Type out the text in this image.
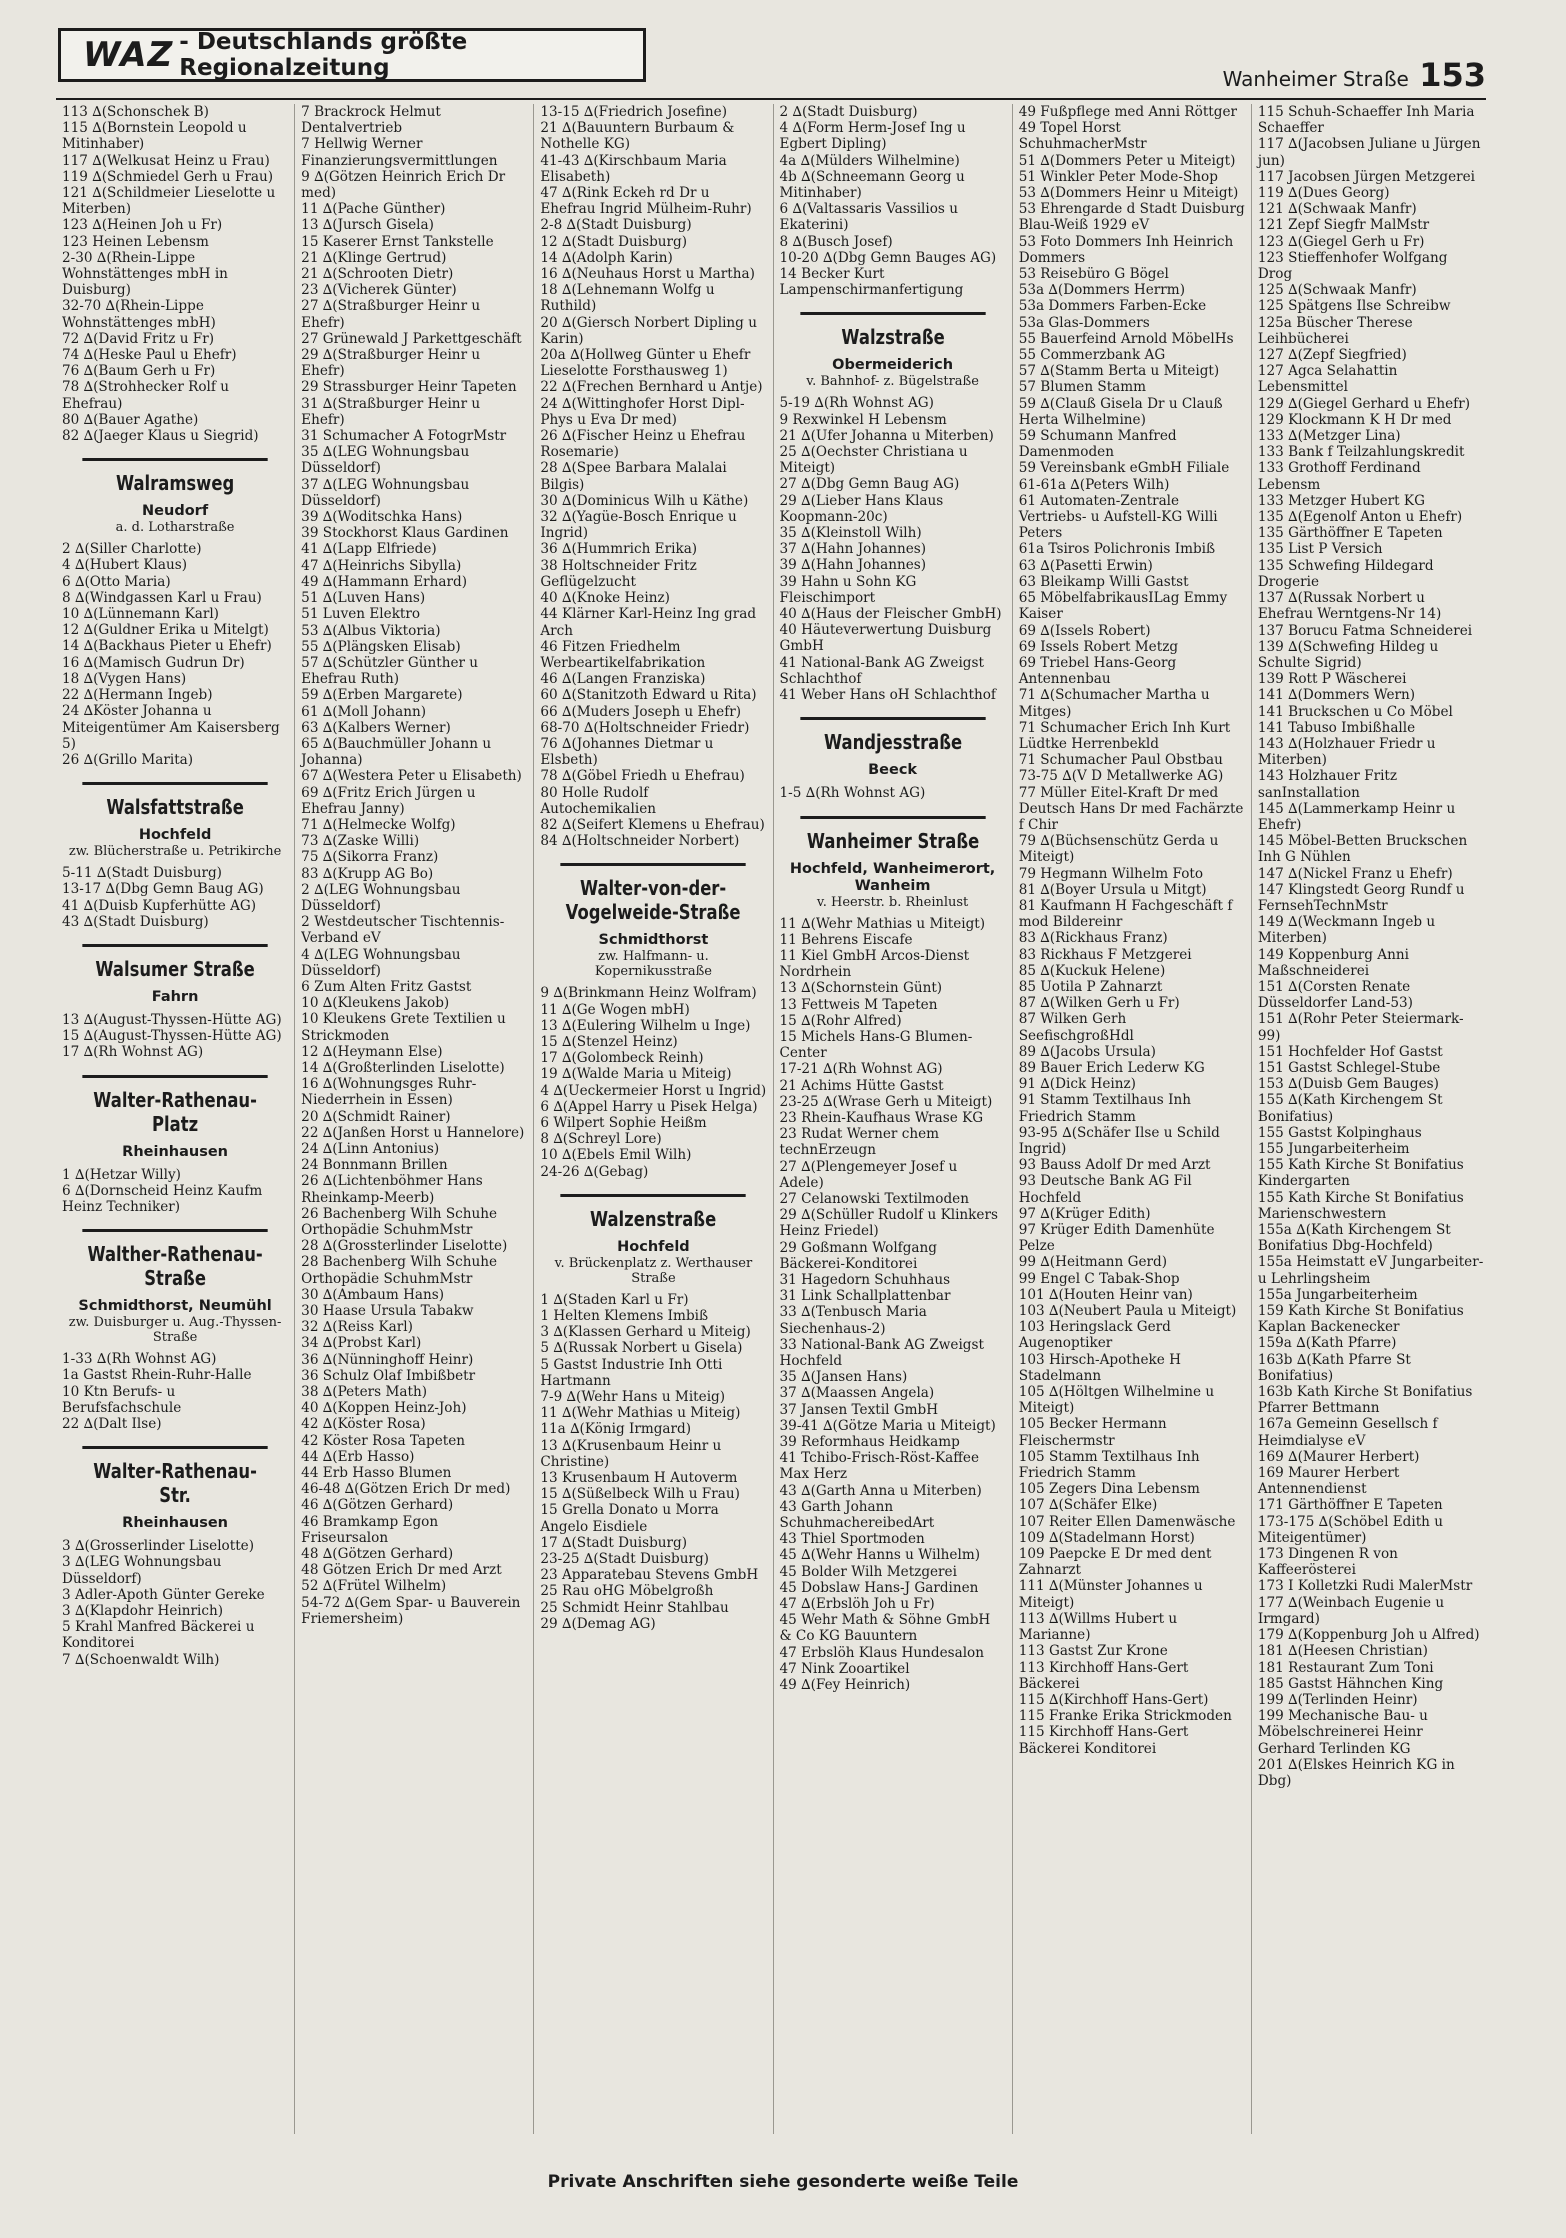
WAZ - Deutschlands größte Regionalzeitung	Wanheimer Straße 153

113 ∆(Schonschek B)

115 ∆(Bornstein Leopold u Mitinhaber)

117 ∆(Welkusat Heinz u Frau)

119 ∆(Schmiedel Gerh u Frau)

121 ∆(Schildmeier Lieselotte u Miterben)

123 ∆(Heinen Joh u Fr)

123 Heinen Lebensm

2-30 ∆(Rhein-Lippe Wohnstättenges mbH in Duisburg)

32-70 ∆(Rhein-Lippe Wohnstättenges mbH)

72 ∆(David Fritz u Fr)

74 ∆(Heske Paul u Ehefr)

76 ∆(Baum Gerh u Fr)

78 ∆(Strohhecker Rolf u Ehefrau)

80 ∆(Bauer Agathe)

82 ∆(Jaeger Klaus u Siegrid)

Walramsweg
Neudorf
a. d. Lotharstraße

2 ∆(Siller Charlotte)

4 ∆(Hubert Klaus)

6 ∆(Otto Maria)

8 ∆(Windgassen Karl u Frau)

10 ∆(Lünnemann Karl)

12 ∆(Guldner Erika u Mitelgt)

14 ∆(Backhaus Pieter u Ehefr)

16 ∆(Mamisch Gudrun Dr)

18 ∆(Vygen Hans)

22 ∆(Hermann Ingeb)

24 ∆Köster Johanna u Miteigentümer Am Kaisersberg 5)

26 ∆(Grillo Marita)

Walsfattstraße
Hochfeld
zw. Blücherstraße u. Petrikirche

5-11 ∆(Stadt Duisburg)

13-17 ∆(Dbg Gemn Baug AG)

41 ∆(Duisb Kupferhütte AG)

43 ∆(Stadt Duisburg)

Walsumer Straße
Fahrn

13 ∆(August-Thyssen-Hütte AG)

15 ∆(August-Thyssen-Hütte AG)

17 ∆(Rh Wohnst AG)

Walter-Rathenau-Platz
Rheinhausen

1 ∆(Hetzar Willy)

6 ∆(Dornscheid Heinz Kaufm Heinz Techniker)

Walther-Rathenau-Straße
Schmidthorst, Neumühl
zw. Duisburger u. Aug.-Thyssen-Straße

1-33 ∆(Rh Wohnst AG)

1a Gastst Rhein-Ruhr-Halle

10 Ktn Berufs- u Berufsfachschule

22 ∆(Dalt Ilse)

Walter-Rathenau-Str.
Rheinhausen

3 ∆(Grosserlinder Liselotte)

3 ∆(LEG Wohnungsbau Düsseldorf)

3 Adler-Apoth Günter Gereke

3 ∆(Klapdohr Heinrich)

5 Krahl Manfred Bäckerei u Konditorei

7 ∆(Schoenwaldt Wilh)

7 Brackrock Helmut Dentalvertrieb

7 Hellwig Werner Finanzierungsvermittlungen

9 ∆(Götzen Heinrich Erich Dr med)

11 ∆(Pache Günther)

13 ∆(Jursch Gisela)

15 Kaserer Ernst Tankstelle

21 ∆(Klinge Gertrud)

21 ∆(Schrooten Dietr)

23 ∆(Vicherek Günter)

27 ∆(Straßburger Heinr u Ehefr)

27 Grünewald J Parkettgeschäft

29 ∆(Straßburger Heinr u Ehefr)

29 Strassburger Heinr Tapeten

31 ∆(Straßburger Heinr u Ehefr)

31 Schumacher A FotogrMstr

35 ∆(LEG Wohnungsbau Düsseldorf)

37 ∆(LEG Wohnungsbau Düsseldorf)

39 ∆(Woditschka Hans)

39 Stockhorst Klaus Gardinen

41 ∆(Lapp Elfriede)

47 ∆(Heinrichs Sibylla)

49 ∆(Hammann Erhard)

51 ∆(Luven Hans)

51 Luven Elektro

53 ∆(Albus Viktoria)

55 ∆(Plängsken Elisab)

57 ∆(Schützler Günther u Ehefrau Ruth)

59 ∆(Erben Margarete)

61 ∆(Moll Johann)

63 ∆(Kalbers Werner)

65 ∆(Bauchmüller Johann u Johanna)

67 ∆(Westera Peter u Elisabeth)

69 ∆(Fritz Erich Jürgen u Ehefrau Janny)

71 ∆(Helmecke Wolfg)

73 ∆(Zaske Willi)

75 ∆(Sikorra Franz)

83 ∆(Krupp AG Bo)

2 ∆(LEG Wohnungsbau Düsseldorf)

2 Westdeutscher Tischtennis-Verband eV

4 ∆(LEG Wohnungsbau Düsseldorf)

6 Zum Alten Fritz Gastst

10 ∆(Kleukens Jakob)

10 Kleukens Grete Textilien u Strickmoden

12 ∆(Heymann Else)

14 ∆(Großterlinden Liselotte)

16 ∆(Wohnungsges Ruhr-Niederrhein in Essen)

20 ∆(Schmidt Rainer)

22 ∆(Janßen Horst u Hannelore)

24 ∆(Linn Antonius)

24 Bonnmann Brillen

26 ∆(Lichtenböhmer Hans Rheinkamp-Meerb)

26 Bachenberg Wilh Schuhe Orthopädie SchuhmMstr

28 ∆(Grossterlinder Liselotte)

28 Bachenberg Wilh Schuhe Orthopädie SchuhmMstr

30 ∆(Ambaum Hans)

30 Haase Ursula Tabakw

32 ∆(Reiss Karl)

34 ∆(Probst Karl)

36 ∆(Nünninghoff Heinr)

36 Schulz Olaf Imbißbetr

38 ∆(Peters Math)

40 ∆(Koppen Heinz-Joh)

42 ∆(Köster Rosa)

42 Köster Rosa Tapeten

44 ∆(Erb Hasso)

44 Erb Hasso Blumen

46-48 ∆(Götzen Erich Dr med)

46 ∆(Götzen Gerhard)

46 Bramkamp Egon Friseursalon

48 ∆(Götzen Gerhard)

48 Götzen Erich Dr med Arzt

52 ∆(Frütel Wilhelm)

54-72 ∆(Gem Spar- u Bauverein Friemersheim)

13-15 ∆(Friedrich Josefine)

21 ∆(Bauuntern Burbaum & Nothelle KG)

41-43 ∆(Kirschbaum Maria Elisabeth)

47 ∆(Rink Eckeh rd Dr u Ehefrau Ingrid Mülheim-Ruhr)

2-8 ∆(Stadt Duisburg)

12 ∆(Stadt Duisburg)

14 ∆(Adolph Karin)

16 ∆(Neuhaus Horst u Martha)

18 ∆(Lehnemann Wolfg u Ruthild)

20 ∆(Giersch Norbert Dipling u Karin)

20a ∆(Hollweg Günter u Ehefr Lieselotte Forsthausweg 1)

22 ∆(Frechen Bernhard u Antje)

24 ∆(Wittinghofer Horst Dipl-Phys u Eva Dr med)

26 ∆(Fischer Heinz u Ehefrau Rosemarie)

28 ∆(Spee Barbara Malalai Bilgis)

30 ∆(Dominicus Wilh u Käthe)

32 ∆(Yagüe-Bosch Enrique u Ingrid)

36 ∆(Hummrich Erika)

38 Holtschneider Fritz Geflügelzucht

40 ∆(Knoke Heinz)

44 Klärner Karl-Heinz Ing grad Arch

46 Fitzen Friedhelm Werbeartikelfabrikation

46 ∆(Langen Franziska)

60 ∆(Stanitzoth Edward u Rita)

66 ∆(Muders Joseph u Ehefr)

68-70 ∆(Holtschneider Friedr)

76 ∆(Johannes Dietmar u Elsbeth)

78 ∆(Göbel Friedh u Ehefrau)

80 Holle Rudolf Autochemikalien

82 ∆(Seifert Klemens u Ehefrau)

84 ∆(Holtschneider Norbert)

Walter-von-der-Vogelweide-Straße
Schmidthorst
zw. Halfmann- u. Kopernikusstraße

9 ∆(Brinkmann Heinz Wolfram)

11 ∆(Ge Wogen mbH)

13 ∆(Eulering Wilhelm u Inge)

15 ∆(Stenzel Heinz)

17 ∆(Golombeck Reinh)

19 ∆(Walde Maria u Miteig)

4 ∆(Ueckermeier Horst u Ingrid)

6 ∆(Appel Harry u Pisek Helga)

6 Wilpert Sophie Heißm

8 ∆(Schreyl Lore)

10 ∆(Ebels Emil Wilh)

24-26 ∆(Gebag)

Walzenstraße
Hochfeld
v. Brückenplatz z. Werthauser Straße

1 ∆(Staden Karl u Fr)

1 Helten Klemens Imbiß

3 ∆(Klassen Gerhard u Miteig)

5 ∆(Russak Norbert u Gisela)

5 Gastst Industrie Inh Otti Hartmann

7-9 ∆(Wehr Hans u Miteig)

11 ∆(Wehr Mathias u Miteig)

11a ∆(König Irmgard)

13 ∆(Krusenbaum Heinr u Christine)

13 Krusenbaum H Autoverm

15 ∆(Süßelbeck Wilh u Frau)

15 Grella Donato u Morra Angelo Eisdiele

17 ∆(Stadt Duisburg)

23-25 ∆(Stadt Duisburg)

23 Apparatebau Stevens GmbH

25 Rau oHG Möbelgroßh

25 Schmidt Heinr Stahlbau

29 ∆(Demag AG)

2 ∆(Stadt Duisburg)

4 ∆(Form Herm-Josef Ing u Egbert Dipling)

4a ∆(Mülders Wilhelmine)

4b ∆(Schneemann Georg u Mitinhaber)

6 ∆(Valtassaris Vassilios u Ekaterini)

8 ∆(Busch Josef)

10-20 ∆(Dbg Gemn Bauges AG)

14 Becker Kurt Lampenschirmanfertigung

Walzstraße
Obermeiderich
v. Bahnhof- z. Bügelstraße

5-19 ∆(Rh Wohnst AG)

9 Rexwinkel H Lebensm

21 ∆(Ufer Johanna u Miterben)

25 ∆(Oechster Christiana u Miteigt)

27 ∆(Dbg Gemn Baug AG)

29 ∆(Lieber Hans Klaus Koopmann-20c)

35 ∆(Kleinstoll Wilh)

37 ∆(Hahn Johannes)

39 ∆(Hahn Johannes)

39 Hahn u Sohn KG Fleischimport

40 ∆(Haus der Fleischer GmbH)

40 Häuteverwertung Duisburg GmbH

41 National-Bank AG Zweigst Schlachthof

41 Weber Hans oH Schlachthof

Wandjesstraße
Beeck

1-5 ∆(Rh Wohnst AG)

Wanheimer Straße
Hochfeld, Wanheimerort, Wanheim
v. Heerstr. b. Rheinlust

11 ∆(Wehr Mathias u Miteigt)

11 Behrens Eiscafe

11 Kiel GmbH Arcos-Dienst Nordrhein

13 ∆(Schornstein Günt)

13 Fettweis M Tapeten

15 ∆(Rohr Alfred)

15 Michels Hans-G Blumen-Center

17-21 ∆(Rh Wohnst AG)

21 Achims Hütte Gastst

23-25 ∆(Wrase Gerh u Miteigt)

23 Rhein-Kaufhaus Wrase KG

23 Rudat Werner chem technErzeugn

27 ∆(Plengemeyer Josef u Adele)

27 Celanowski Textilmoden

29 ∆(Schüller Rudolf u Klinkers Heinz Friedel)

29 Goßmann Wolfgang Bäckerei-Konditorei

31 Hagedorn Schuhhaus

31 Link Schallplattenbar

33 ∆(Tenbusch Maria Siechenhaus-2)

33 National-Bank AG Zweigst Hochfeld

35 ∆(Jansen Hans)

37 ∆(Maassen Angela)

37 Jansen Textil GmbH

39-41 ∆(Götze Maria u Miteigt)

39 Reformhaus Heidkamp

41 Tchibo-Frisch-Röst-Kaffee Max Herz

43 ∆(Garth Anna u Miterben)

43 Garth Johann SchuhmachereibedArt

43 Thiel Sportmoden

45 ∆(Wehr Hanns u Wilhelm)

45 Bolder Wilh Metzgerei

45 Dobslaw Hans-J Gardinen

47 ∆(Erbslöh Joh u Fr)

45 Wehr Math & Söhne GmbH & Co KG Bauuntern

47 Erbslöh Klaus Hundesalon

47 Nink Zooartikel

49 ∆(Fey Heinrich)

49 Fußpflege med Anni Röttger

49 Topel Horst SchuhmacherMstr

51 ∆(Dommers Peter u Miteigt)

51 Winkler Peter Mode-Shop

53 ∆(Dommers Heinr u Miteigt)

53 Ehrengarde d Stadt Duisburg Blau-Weiß 1929 eV

53 Foto Dommers Inh Heinrich Dommers

53 Reisebüro G Bögel

53a ∆(Dommers Herrm)

53a Dommers Farben-Ecke

53a Glas-Dommers

55 Bauerfeind Arnold MöbelHs

55 Commerzbank AG

57 ∆(Stamm Berta u Miteigt)

57 Blumen Stamm

59 ∆(Clauß Gisela Dr u Clauß Herta Wilhelmine)

59 Schumann Manfred Damenmoden

59 Vereinsbank eGmbH Filiale

61-61a ∆(Peters Wilh)

61 Automaten-Zentrale Vertriebs- u Aufstell-KG Willi Peters

61a Tsiros Polichronis Imbiß

63 ∆(Pasetti Erwin)

63 Bleikamp Willi Gastst

65 MöbelfabrikausILag Emmy Kaiser

69 ∆(Issels Robert)

69 Issels Robert Metzg

69 Triebel Hans-Georg Antennenbau

71 ∆(Schumacher Martha u Mitges)

71 Schumacher Erich Inh Kurt Lüdtke Herrenbekld

71 Schumacher Paul Obstbau

73-75 ∆(V D Metallwerke AG)

77 Müller Eitel-Kraft Dr med Deutsch Hans Dr med Fachärzte f Chir

79 ∆(Büchsenschütz Gerda u Miteigt)

79 Hegmann Wilhelm Foto

81 ∆(Boyer Ursula u Mitgt)

81 Kaufmann H Fachgeschäft f mod Bildereinr

83 ∆(Rickhaus Franz)

83 Rickhaus F Metzgerei

85 ∆(Kuckuk Helene)

85 Uotila P Zahnarzt

87 ∆(Wilken Gerh u Fr)

87 Wilken Gerh SeefischgroßHdl

89 ∆(Jacobs Ursula)

89 Bauer Erich Lederw KG

91 ∆(Dick Heinz)

91 Stamm Textilhaus Inh Friedrich Stamm

93-95 ∆(Schäfer Ilse u Schild Ingrid)

93 Bauss Adolf Dr med Arzt

93 Deutsche Bank AG Fil Hochfeld

97 ∆(Krüger Edith)

97 Krüger Edith Damenhüte Pelze

99 ∆(Heitmann Gerd)

99 Engel C Tabak-Shop

101 ∆(Houten Heinr van)

103 ∆(Neubert Paula u Miteigt)

103 Heringslack Gerd Augenoptiker

103 Hirsch-Apotheke H Stadelmann

105 ∆(Höltgen Wilhelmine u Miteigt)

105 Becker Hermann Fleischermstr

105 Stamm Textilhaus Inh Friedrich Stamm

105 Zegers Dina Lebensm

107 ∆(Schäfer Elke)

107 Reiter Ellen Damenwäsche

109 ∆(Stadelmann Horst)

109 Paepcke E Dr med dent Zahnarzt

111 ∆(Münster Johannes u Miteigt)

113 ∆(Willms Hubert u Marianne)

113 Gastst Zur Krone

113 Kirchhoff Hans-Gert Bäckerei

115 ∆(Kirchhoff Hans-Gert)

115 Franke Erika Strickmoden

115 Kirchhoff Hans-Gert Bäckerei Konditorei

115 Schuh-Schaeffer Inh Maria Schaeffer

117 ∆(Jacobsen Juliane u Jürgen jun)

117 Jacobsen Jürgen Metzgerei

119 ∆(Dues Georg)

121 ∆(Schwaak Manfr)

121 Zepf Siegfr MalMstr

123 ∆(Giegel Gerh u Fr)

123 Stieffenhofer Wolfgang Drog

125 ∆(Schwaak Manfr)

125 Spätgens Ilse Schreibw

125a Büscher Therese Leihbücherei

127 ∆(Zepf Siegfried)

127 Agca Selahattin Lebensmittel

129 ∆(Giegel Gerhard u Ehefr)

129 Klockmann K H Dr med

133 ∆(Metzger Lina)

133 Bank f Teilzahlungskredit

133 Grothoff Ferdinand Lebensm

133 Metzger Hubert KG

135 ∆(Egenolf Anton u Ehefr)

135 Gärthöffner E Tapeten

135 List P Versich

135 Schwefing Hildegard Drogerie

137 ∆(Russak Norbert u Ehefrau Werntgens-Nr 14)

137 Borucu Fatma Schneiderei

139 ∆(Schwefing Hildeg u Schulte Sigrid)

139 Rott P Wäscherei

141 ∆(Dommers Wern)

141 Bruckschen u Co Möbel

141 Tabuso Imbißhalle

143 ∆(Holzhauer Friedr u Miterben)

143 Holzhauer Fritz sanInstallation

145 ∆(Lammerkamp Heinr u Ehefr)

145 Möbel-Betten Bruckschen Inh G Nühlen

147 ∆(Nickel Franz u Ehefr)

147 Klingstedt Georg Rundf u FernsehTechnMstr

149 ∆(Weckmann Ingeb u Miterben)

149 Koppenburg Anni Maßschneiderei

151 ∆(Corsten Renate Düsseldorfer Land-53)

151 ∆(Rohr Peter Steiermark-99)

151 Hochfelder Hof Gastst

151 Gastst Schlegel-Stube

153 ∆(Duisb Gem Bauges)

155 ∆(Kath Kirchengem St Bonifatius)

155 Gastst Kolpinghaus

155 Jungarbeiterheim

155 Kath Kirche St Bonifatius Kindergarten

155 Kath Kirche St Bonifatius Marienschwestern

155a ∆(Kath Kirchengem St Bonifatius Dbg-Hochfeld)

155a Heimstatt eV Jungarbeiter- u Lehrlingsheim

155a Jungarbeiterheim

159 Kath Kirche St Bonifatius Kaplan Backenecker

159a ∆(Kath Pfarre)

163b ∆(Kath Pfarre St Bonifatius)

163b Kath Kirche St Bonifatius Pfarrer Bettmann

167a Gemeinn Gesellsch f Heimdialyse eV

169 ∆(Maurer Herbert)

169 Maurer Herbert Antennendienst

171 Gärthöffner E Tapeten

173-175 ∆(Schöbel Edith u Miteigentümer)

173 Dingenen R von Kaffeerösterei

173 I Kolletzki Rudi MalerMstr

177 ∆(Weinbach Eugenie u Irmgard)

179 ∆(Koppenburg Joh u Alfred)

181 ∆(Heesen Christian)

181 Restaurant Zum Toni

185 Gastst Hähnchen King

199 ∆(Terlinden Heinr)

199 Mechanische Bau- u Möbelschreinerei Heinr Gerhard Terlinden KG

201 ∆(Elskes Heinrich KG in Dbg)

Private Anschriften siehe gesonderte weiße Teile
